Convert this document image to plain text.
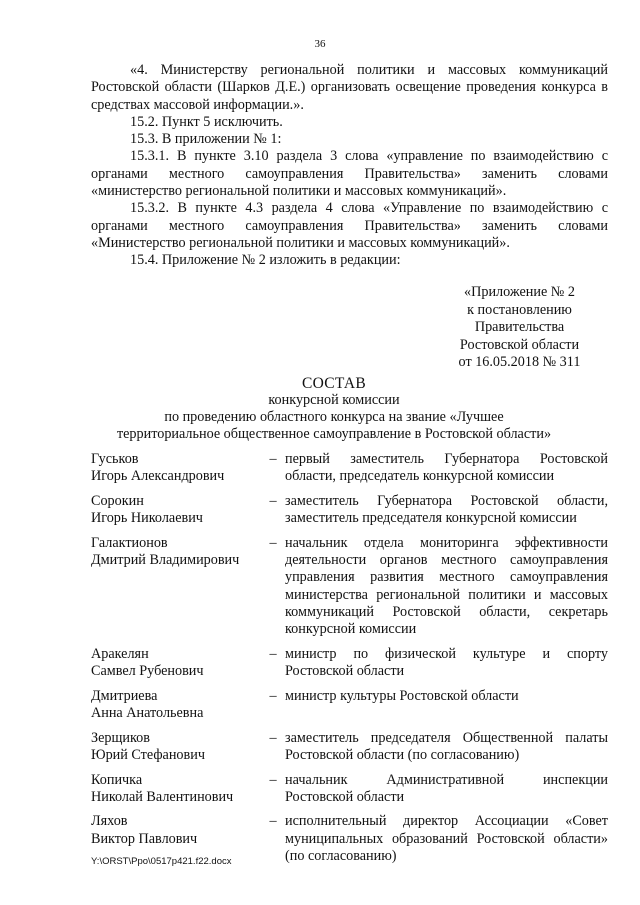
36

«4. Министерству региональной политики и массовых коммуникаций Ростовской области (Шарков Д.Е.) организовать освещение проведения конкурса в средствах массовой информации.».

15.2. Пункт 5 исключить.

15.3. В приложении № 1:

15.3.1. В пункте 3.10 раздела 3 слова «управление по взаимодействию с органами местного самоуправления Правительства» заменить словами «министерство региональной политики и массовых коммуникаций».

15.3.2. В пункте 4.3 раздела 4 слова «Управление по взаимодействию с органами местного самоуправления Правительства» заменить словами «Министерство региональной политики и массовых коммуникаций».

15.4. Приложение № 2 изложить в редакции:

«Приложение № 2
к постановлению
Правительства
Ростовской области
от 16.05.2018 № 311
СОСТАВ
конкурсной комиссии
по проведению областного конкурса на звание «Лучшее
территориальное общественное самоуправление в Ростовской области»
Гуськов
Игорь Александрович
– первый заместитель Губернатора Ростовской области, председатель конкурсной комиссии
Сорокин
Игорь Николаевич
– заместитель Губернатора Ростовской области, заместитель председателя конкурсной комиссии
Галактионов
Дмитрий Владимирович
– начальник отдела мониторинга эффективности деятельности органов местного самоуправления управления развития местного самоуправления министерства региональной политики и массовых коммуникаций Ростовской области, секретарь конкурсной комиссии
Аракелян
Самвел Рубенович
– министр по физической культуре и спорту Ростовской области
Дмитриева
Анна Анатольевна
– министр культуры Ростовской области
Зерщиков
Юрий Стефанович
– заместитель председателя Общественной палаты Ростовской области (по согласованию)
Копичка
Николай Валентинович
– начальник Административной инспекции Ростовской области
Ляхов
Виктор Павлович
– исполнительный директор Ассоциации «Совет муниципальных образований Ростовской области» (по согласованию)
Y:\ORST\Ppo\0517p421.f22.docx
